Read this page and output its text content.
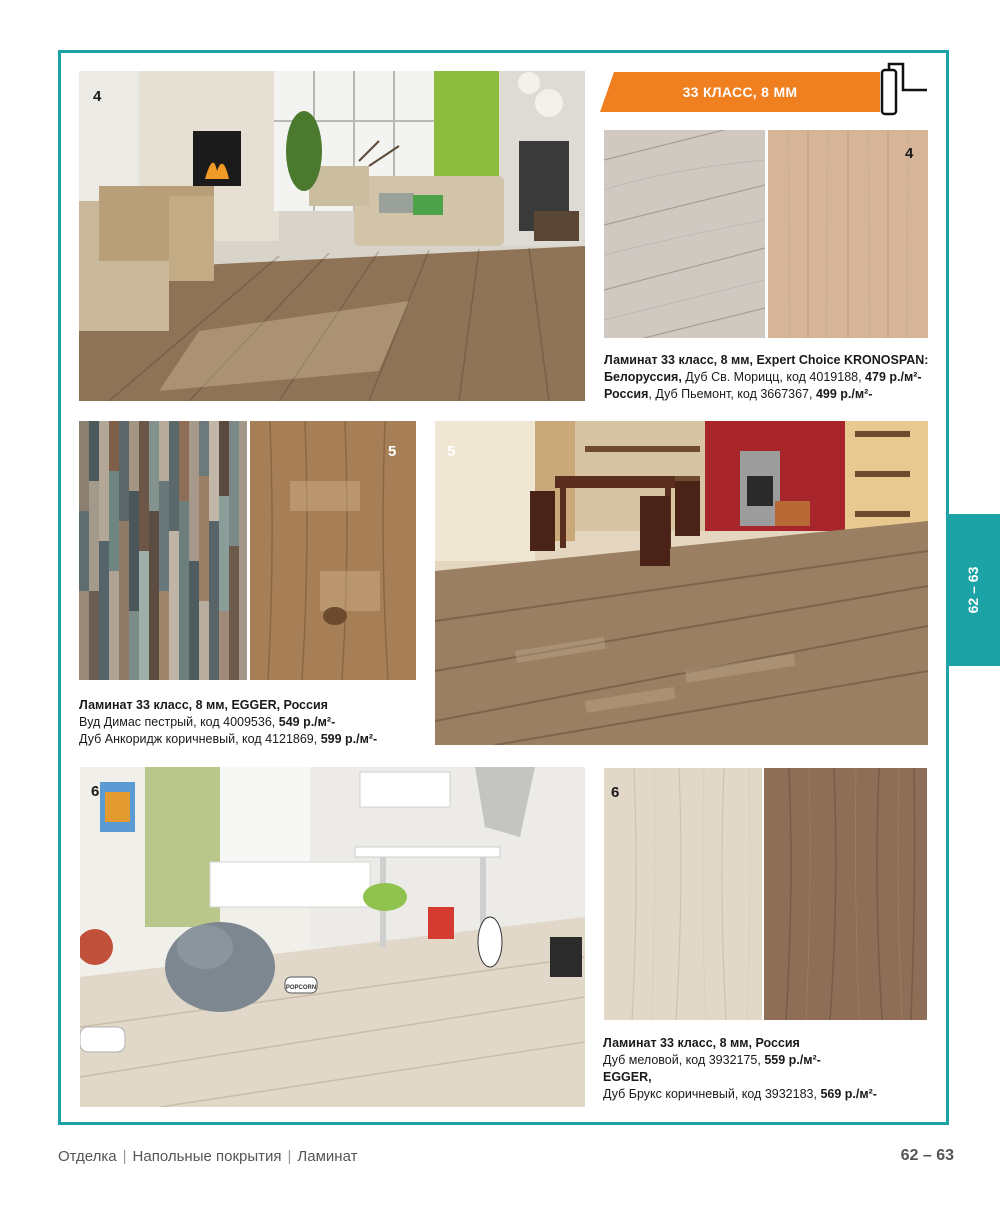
4	33 КЛАСС, 8 ММ
4
Ламинат 33 класс, 8 мм, Expert Choice KRONOSPAN:
Белоруссия, Дуб Св. Морицц, код 4019188, 479 р./м²-
Россия, Дуб Пьемонт, код 3667367, 499 р./м²-
5
Ламинат 33 класс, 8 мм, EGGER, Россия
Вуд Димас пестрый, код 4009536, 549 р./м²-
Дуб Анкоридж коричневый, код 4121869, 599 р./м²-
5
62 – 63
POPCORN
6	6
Ламинат 33 класс, 8 мм, Россия
Дуб меловой, код 3932175, 559 р./м²-
EGGER,
Дуб Брукс коричневый, код 3932183, 569 р./м²-
Отделка | Напольные покрытия | Ламинат	62 – 63
